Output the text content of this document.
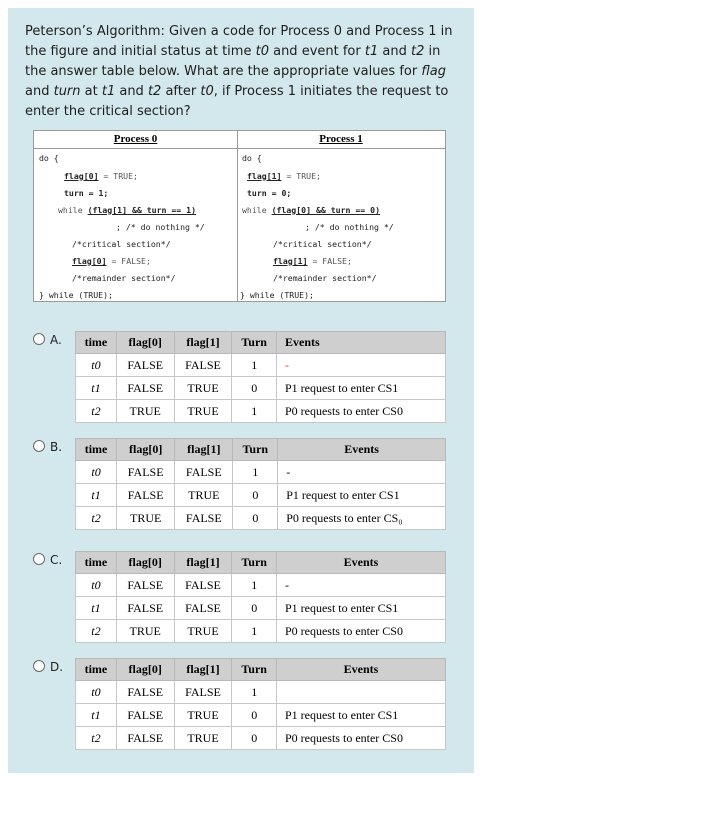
Peterson’s Algorithm: Given a code for Process 0 and Process 1 in the figure and initial status at time t0 and event for t1 and t2 in the answer table below. What are the appropriate values for flag and turn at t1 and t2 after t0, if Process 1 initiates the request to enter the critical section?
Process 0
do {
flag[0] = TRUE;
turn = 1;
while (flag[1] && turn == 1)
; /* do nothing */
/*critical section*/
flag[0] = FALSE;
/*remainder section*/
} while (TRUE);
Process 1
do {
flag[1] = TRUE;
turn = 0;
while (flag[0] && turn == 0)
; /* do nothing */
/*critical section*/
flag[1] = FALSE;
/*remainder section*/
} while (TRUE);
A. time	flag[0]	flag[1]	Turn	Events
t0	FALSE	FALSE	1	-
t1	FALSE	TRUE	0	P1 request to enter CS1
t2	TRUE	TRUE	1	P0 requests to enter CS0
B. time	flag[0]	flag[1]	Turn	Events
t0	FALSE	FALSE	1	-
t1	FALSE	TRUE	0	P1 request to enter CS1
t2	TRUE	FALSE	0	P0 requests to enter CS₀
C. time	flag[0]	flag[1]	Turn	Events
t0	FALSE	FALSE	1	-
t1	FALSE	FALSE	0	P1 request to enter CS1
t2	TRUE	TRUE	1	P0 requests to enter CS0
D. time	flag[0]	flag[1]	Turn	Events
t0	FALSE	FALSE	1	
t1	FALSE	TRUE	0	P1 request to enter CS1
t2	FALSE	TRUE	0	P0 requests to enter CS0
